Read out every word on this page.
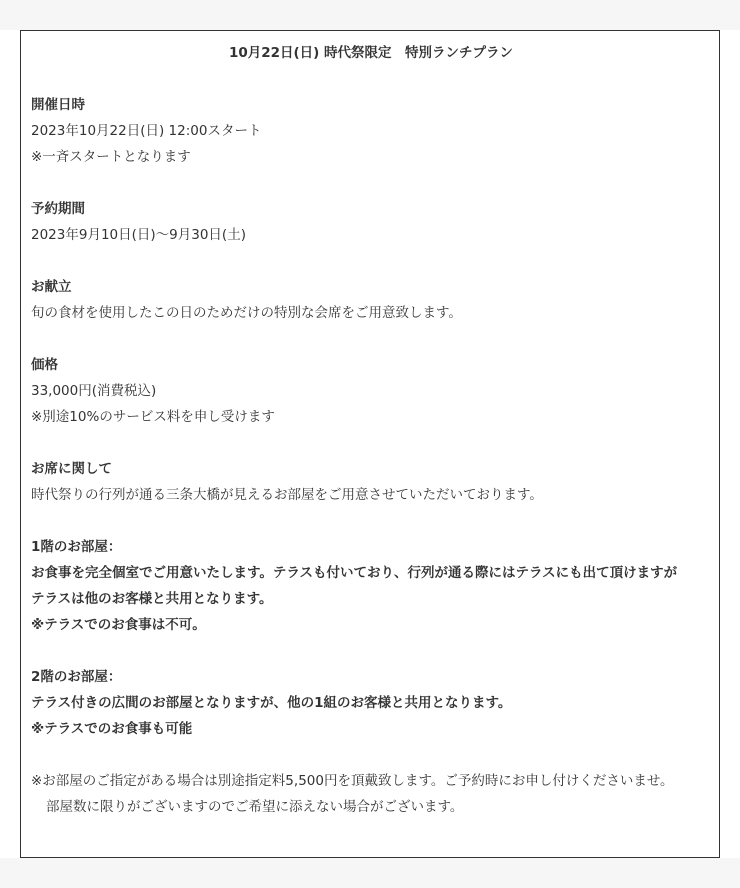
10月22日(日) 時代祭限定　特別ランチプラン
開催日時
2023年10月22日(日) 12:00スタート
※一斉スタートとなります
予約期間
2023年9月10日(日)〜9月30日(土)
お献立
旬の食材を使用したこの日のためだけの特別な会席をご用意致します。
価格
33,000円(消費税込)
※別途10%のサービス料を申し受けます
お席に関して
時代祭りの行列が通る三条大橋が見えるお部屋をご用意させていただいております。
1階のお部屋：
お食事を完全個室でご用意いたします。テラスも付いており、行列が通る際にはテラスにも出て頂けますが
テラスは他のお客様と共用となります。
※テラスでのお食事は不可。
2階のお部屋：
テラス付きの広間のお部屋となりますが、他の1組のお客様と共用となります。
※テラスでのお食事も可能
※お部屋のご指定がある場合は別途指定料5,500円を頂戴致します。ご予約時にお申し付けくださいませ。
部屋数に限りがございますのでご希望に添えない場合がございます。
